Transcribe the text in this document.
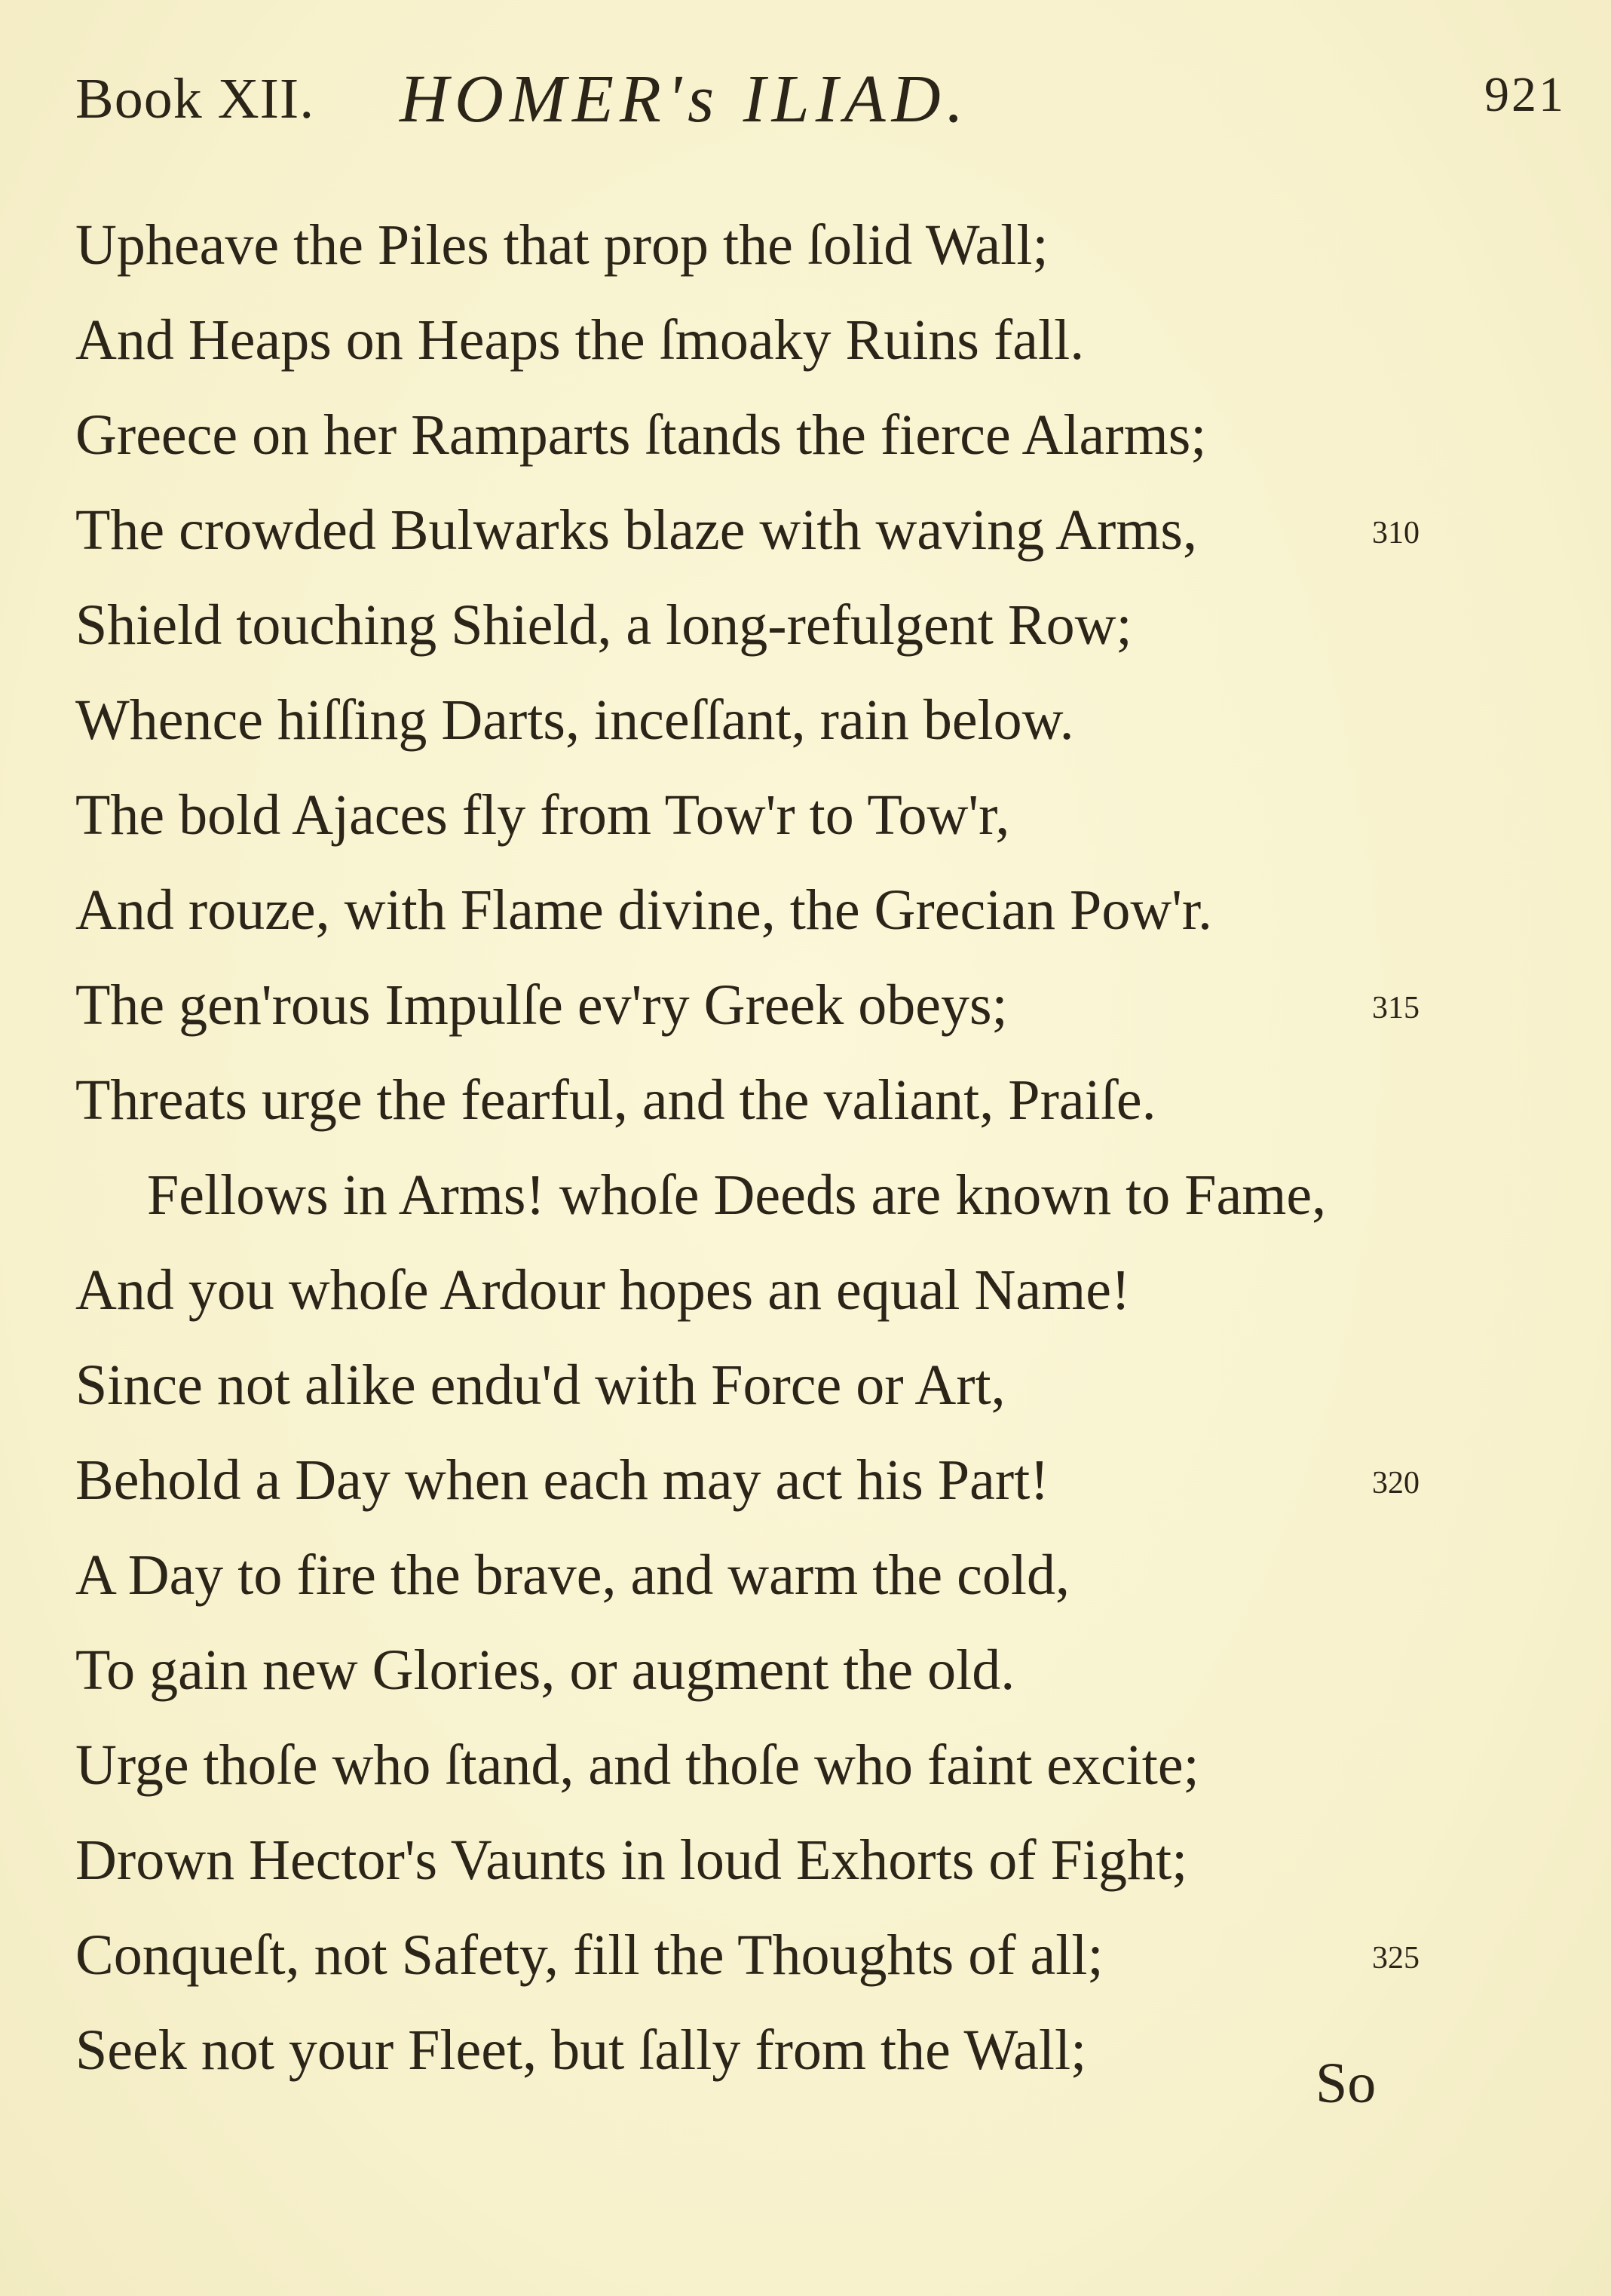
Book XII. HOMER's ILIAD.	921
Upheave the Piles that prop the ſolid Wall;
And Heaps on Heaps the ſmoaky Ruins fall.
Greece on her Ramparts ſtands the fierce Alarms;
The crowded Bulwarks blaze with waving Arms,	310
Shield touching Shield, a long-refulgent Row;
Whence hiſſing Darts, inceſſant, rain below.
The bold Ajaces fly from Tow'r to Tow'r,
And rouze, with Flame divine, the Grecian Pow'r.
The gen'rous Impulſe ev'ry Greek obeys;	315
Threats urge the fearful, and the valiant, Praiſe.
Fellows in Arms! whoſe Deeds are known to Fame,
And you whoſe Ardour hopes an equal Name!
Since not alike endu'd with Force or Art,
Behold a Day when each may act his Part!	320
A Day to fire the brave, and warm the cold,
To gain new Glories, or augment the old.
Urge thoſe who ſtand, and thoſe who faint excite;
Drown Hector's Vaunts in loud Exhorts of Fight;
Conqueſt, not Safety, fill the Thoughts of all;	325
Seek not your Fleet, but ſally from the Wall;
So
